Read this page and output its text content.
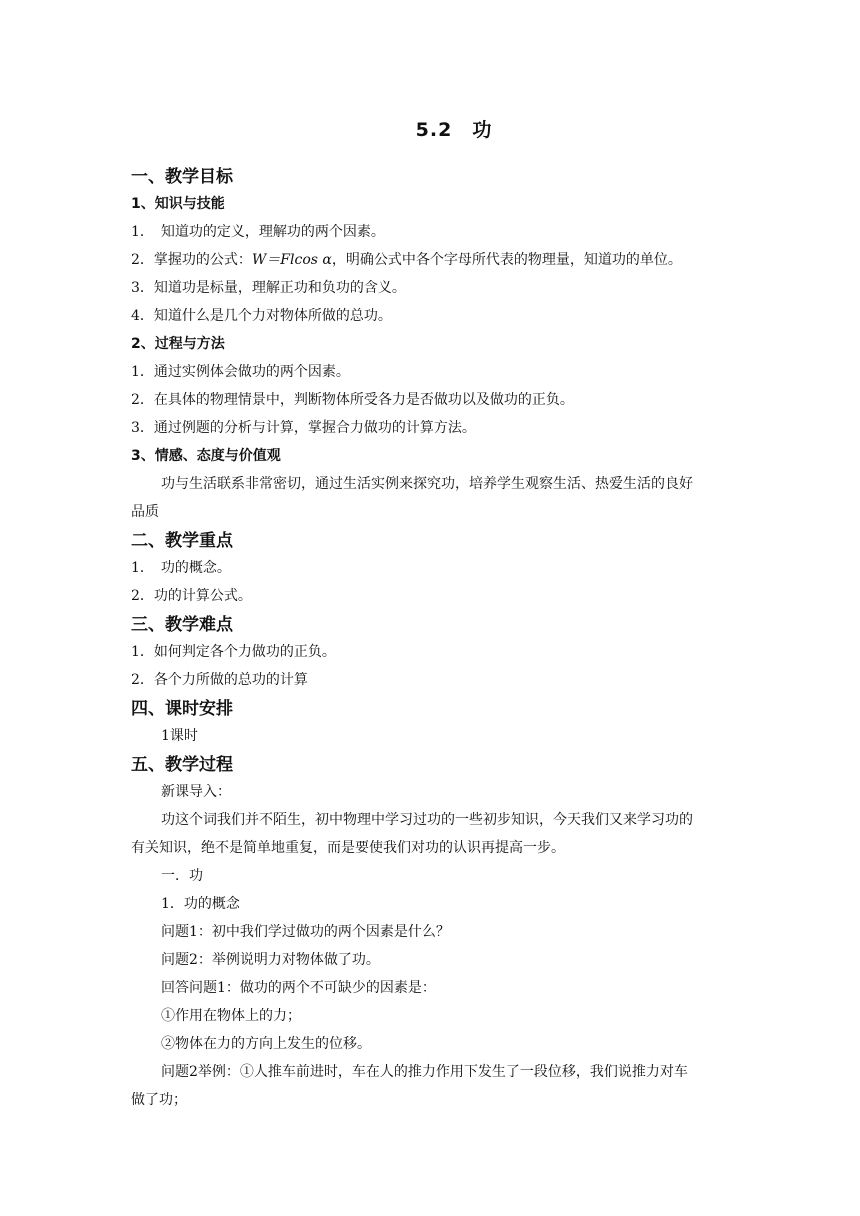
5.2　功
一、教学目标
1、知识与技能
1．　知道功的定义，理解功的两个因素。
2．掌握功的公式：W＝Flcos α，明确公式中各个字母所代表的物理量，知道功的单位。
3．知道功是标量，理解正功和负功的含义。
4．知道什么是几个力对物体所做的总功。
2、过程与方法
1．通过实例体会做功的两个因素。
2．在具体的物理情景中，判断物体所受各力是否做功以及做功的正负。
3．通过例题的分析与计算，掌握合力做功的计算方法。
3、情感、态度与价值观
功与生活联系非常密切，通过生活实例来探究功，培养学生观察生活、热爱生活的良好
品质
二、教学重点
1．　功的概念。
2．功的计算公式。
三、教学难点
1．如何判定各个力做功的正负。
2．各个力所做的总功的计算
四、课时安排
1课时
五、教学过程
新课导入：
功这个词我们并不陌生，初中物理中学习过功的一些初步知识，今天我们又来学习功的
有关知识，绝不是简单地重复，而是要使我们对功的认识再提高一步。
一．功
1．功的概念
问题1：初中我们学过做功的两个因素是什么？
问题2：举例说明力对物体做了功。
回答问题1：做功的两个不可缺少的因素是：
①作用在物体上的力；
②物体在力的方向上发生的位移。
问题2举例：①人推车前进时，车在人的推力作用下发生了一段位移，我们说推力对车
做了功；
